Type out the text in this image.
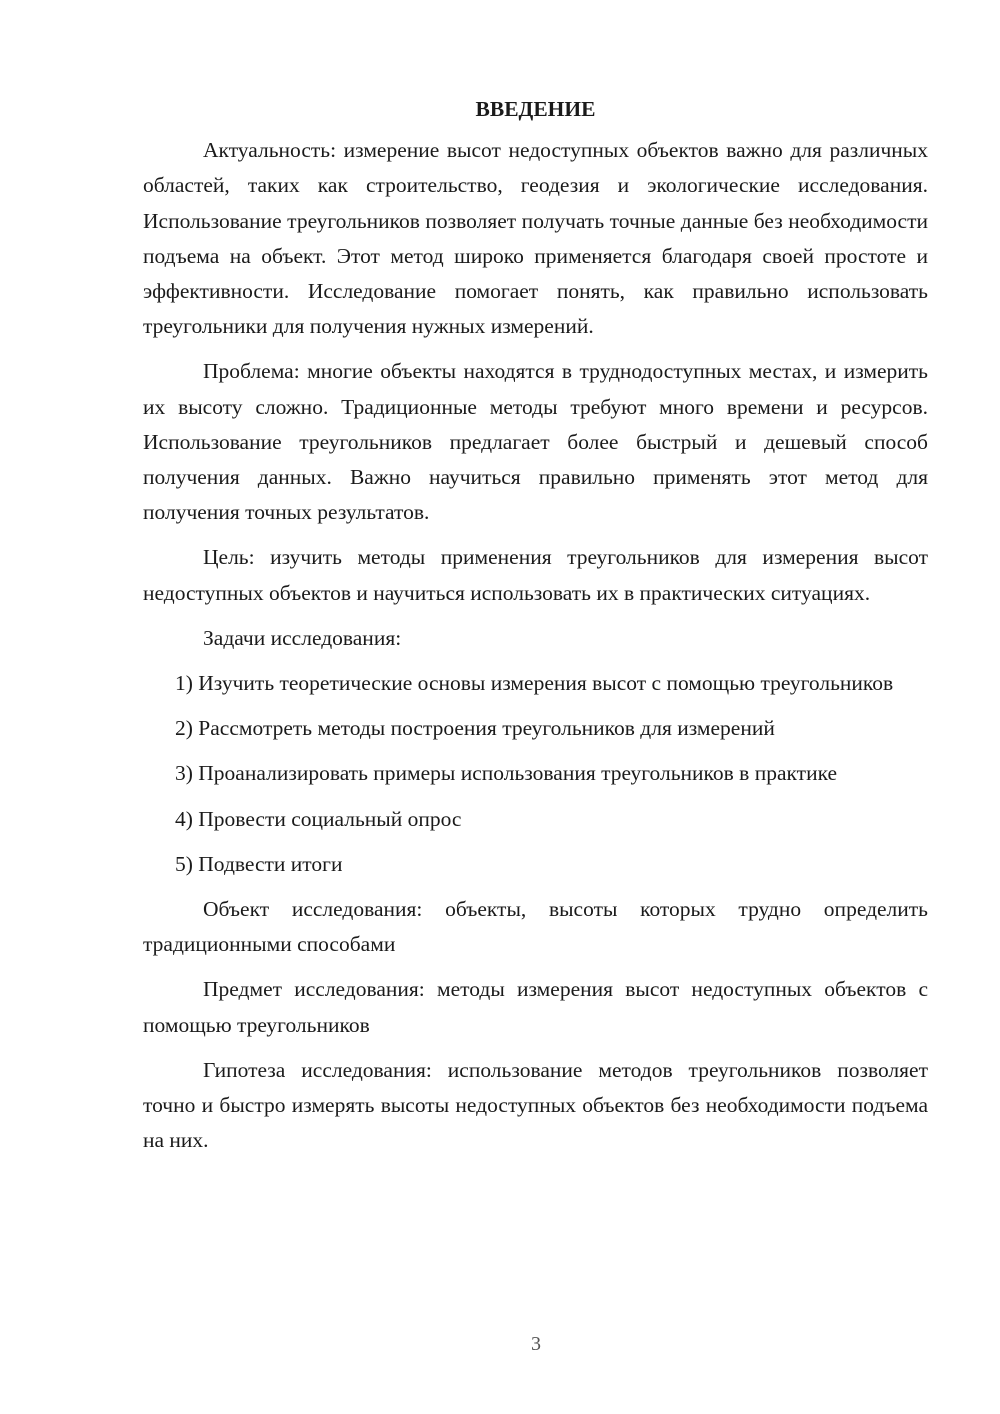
ВВЕДЕНИЕ

Актуальность: измерение высот недоступных объектов важно для различных областей, таких как строительство, геодезия и экологические исследования. Использование треугольников позволяет получать точные данные без необходимости подъема на объект. Этот метод широко применяется благодаря своей простоте и эффективности. Исследование помогает понять, как правильно использовать треугольники для получения нужных измерений.

Проблема: многие объекты находятся в труднодоступных местах, и измерить их высоту сложно. Традиционные методы требуют много времени и ресурсов. Использование треугольников предлагает более быстрый и дешевый способ получения данных. Важно научиться правильно применять этот метод для получения точных результатов.

Цель: изучить методы применения треугольников для измерения высот недоступных объектов и научиться использовать их в практических ситуациях.

Задачи исследования:

1) Изучить теоретические основы измерения высот с помощью треугольников

2) Рассмотреть методы построения треугольников для измерений

3) Проанализировать примеры использования треугольников в практике

4) Провести социальный опрос

5) Подвести итоги

Объект исследования: объекты, высоты которых трудно определить традиционными способами

Предмет исследования: методы измерения высот недоступных объектов с помощью треугольников

Гипотеза исследования: использование методов треугольников позволяет точно и быстро измерять высоты недоступных объектов без необходимости подъема на них.

3
